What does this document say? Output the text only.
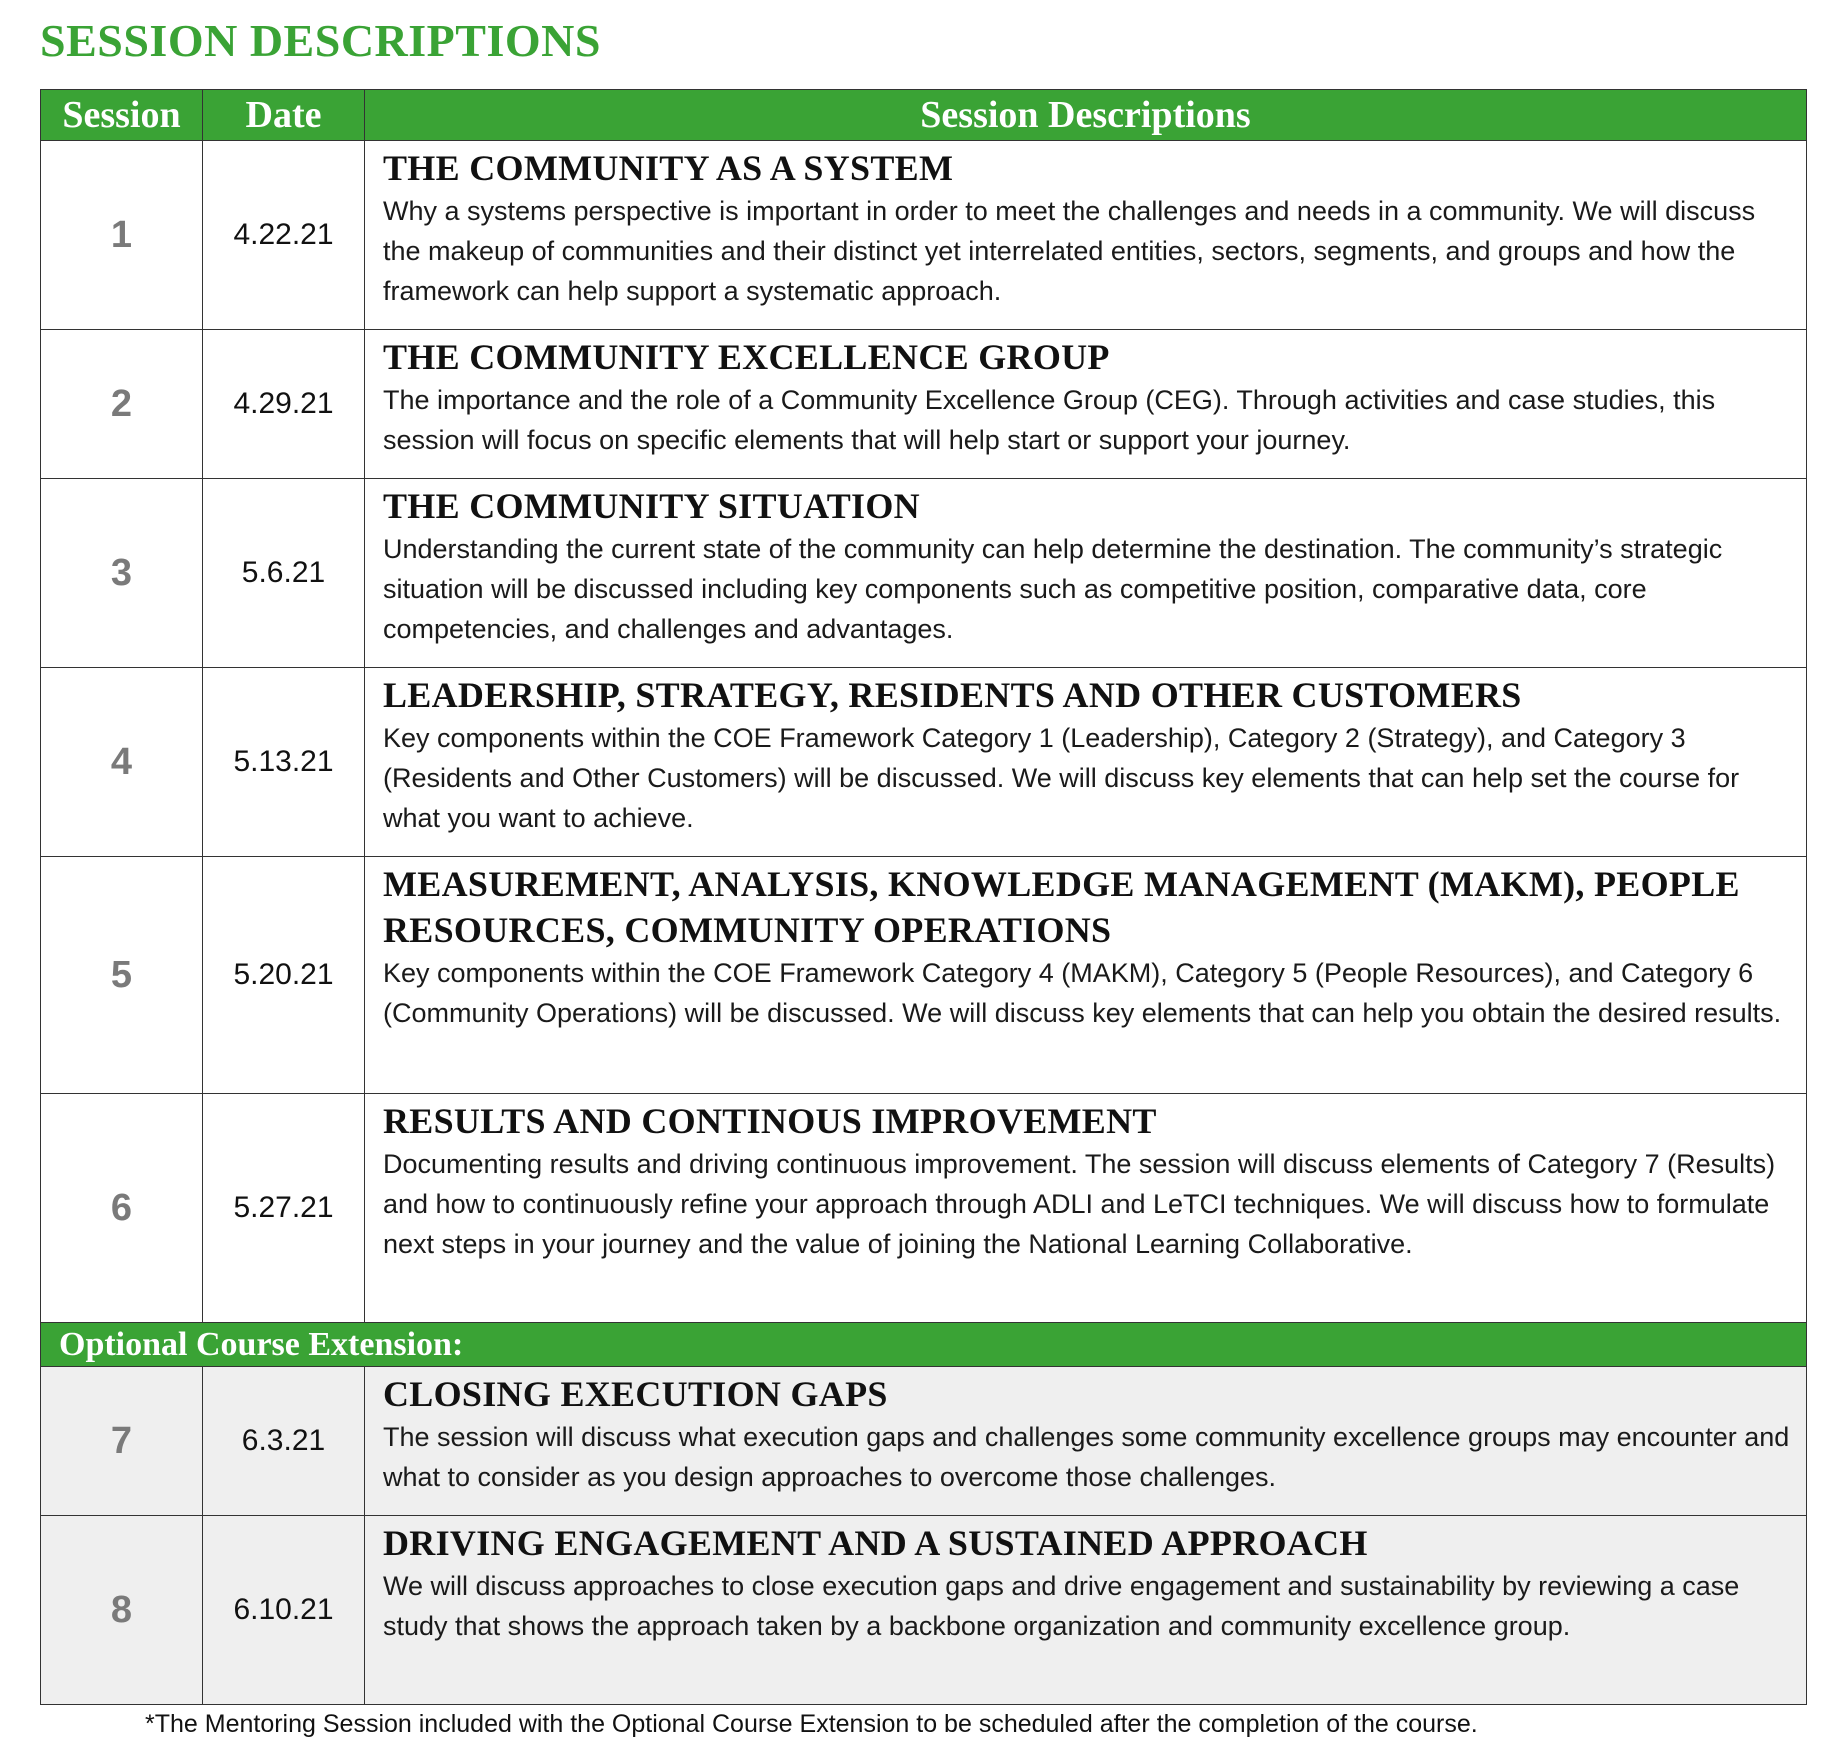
SESSION DESCRIPTIONS
Session	Date	Session Descriptions
1	4.22.21	THE COMMUNITY AS A SYSTEM
Why a systems perspective is important in order to meet the challenges and needs in a community. We will discuss the makeup of communities and their distinct yet interrelated entities, sectors, segments, and groups and how the framework can help support a systematic approach.

2	4.29.21	THE COMMUNITY EXCELLENCE GROUP
The importance and the role of a Community Excellence Group (CEG). Through activities and case studies, this session will focus on specific elements that will help start or support your journey.

3	5.6.21	THE COMMUNITY SITUATION
Understanding the current state of the community can help determine the destination. The community’s strategic situation will be discussed including key components such as competitive position, comparative data, core competencies, and challenges and advantages.

4	5.13.21	LEADERSHIP, STRATEGY, RESIDENTS AND OTHER CUSTOMERS
Key components within the COE Framework Category 1 (Leadership), Category 2 (Strategy), and Category 3 (Residents and Other Customers) will be discussed. We will discuss key elements that can help set the course for what you want to achieve.

5	5.20.21	MEASUREMENT, ANALYSIS, KNOWLEDGE MANAGEMENT (MAKM), PEOPLE RESOURCES, COMMUNITY OPERATIONS
Key components within the COE Framework Category 4 (MAKM), Category 5 (People Resources), and Category 6 (Community Operations) will be discussed. We will discuss key elements that can help you obtain the desired results.

6	5.27.21	RESULTS AND CONTINOUS IMPROVEMENT
Documenting results and driving continuous improvement. The session will discuss elements of Category 7 (Results) and how to continuously refine your approach through ADLI and LeTCI techniques. We will discuss how to formulate next steps in your journey and the value of joining the National Learning Collaborative.

Optional Course Extension:		
7	6.3.21	CLOSING EXECUTION GAPS
The session will discuss what execution gaps and challenges some community excellence groups may encounter and what to consider as you design approaches to overcome those challenges.

8	6.10.21	DRIVING ENGAGEMENT AND A SUSTAINED APPROACH
We will discuss approaches to close execution gaps and drive engagement and sustainability by reviewing a case study that shows the approach taken by a backbone organization and community excellence group.
*The Mentoring Session included with the Optional Course Extension to be scheduled after the completion of the course.
